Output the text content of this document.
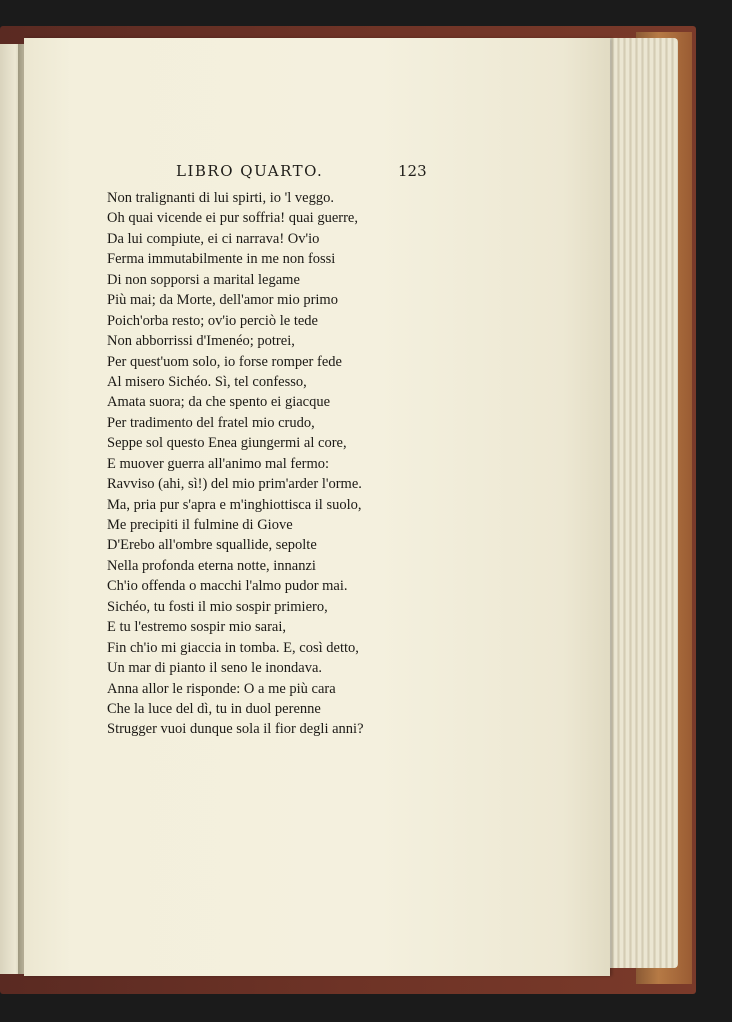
LIBRO QUARTO.	123
Non tralignanti di lui spirti, io 'l veggo.
Oh quai vicende ei pur soffria! quai guerre,
Da lui compiute, ei ci narrava! Ov'io
Ferma immutabilmente in me non fossi
Di non sopporsi a marital legame
Più mai; da Morte, dell'amor mio primo
Poich'orba resto; ov'io perciò le tede
Non abborrissi d'Imenéo; potrei,
Per quest'uom solo, io forse romper fede
Al misero Sichéo. Sì, tel confesso,
Amata suora; da che spento ei giacque
Per tradimento del fratel mio crudo,
Seppe sol questo Enea giungermi al core,
E muover guerra all'animo mal fermo:
Ravviso (ahi, sì!) del mio prim'arder l'orme.
Ma, pria pur s'apra e m'inghiottisca il suolo,
Me precipiti il fulmine di Giove
D'Erebo all'ombre squallide, sepolte
Nella profonda eterna notte, innanzi
Ch'io offenda o macchi l'almo pudor mai.
Sichéo, tu fosti il mio sospir primiero,
E tu l'estremo sospir mio sarai,
Fin ch'io mi giaccia in tomba. E, così detto,
Un mar di pianto il seno le inondava.
Anna allor le risponde: O a me più cara
Che la luce del dì, tu in duol perenne
Strugger vuoi dunque sola il fior degli anni?
